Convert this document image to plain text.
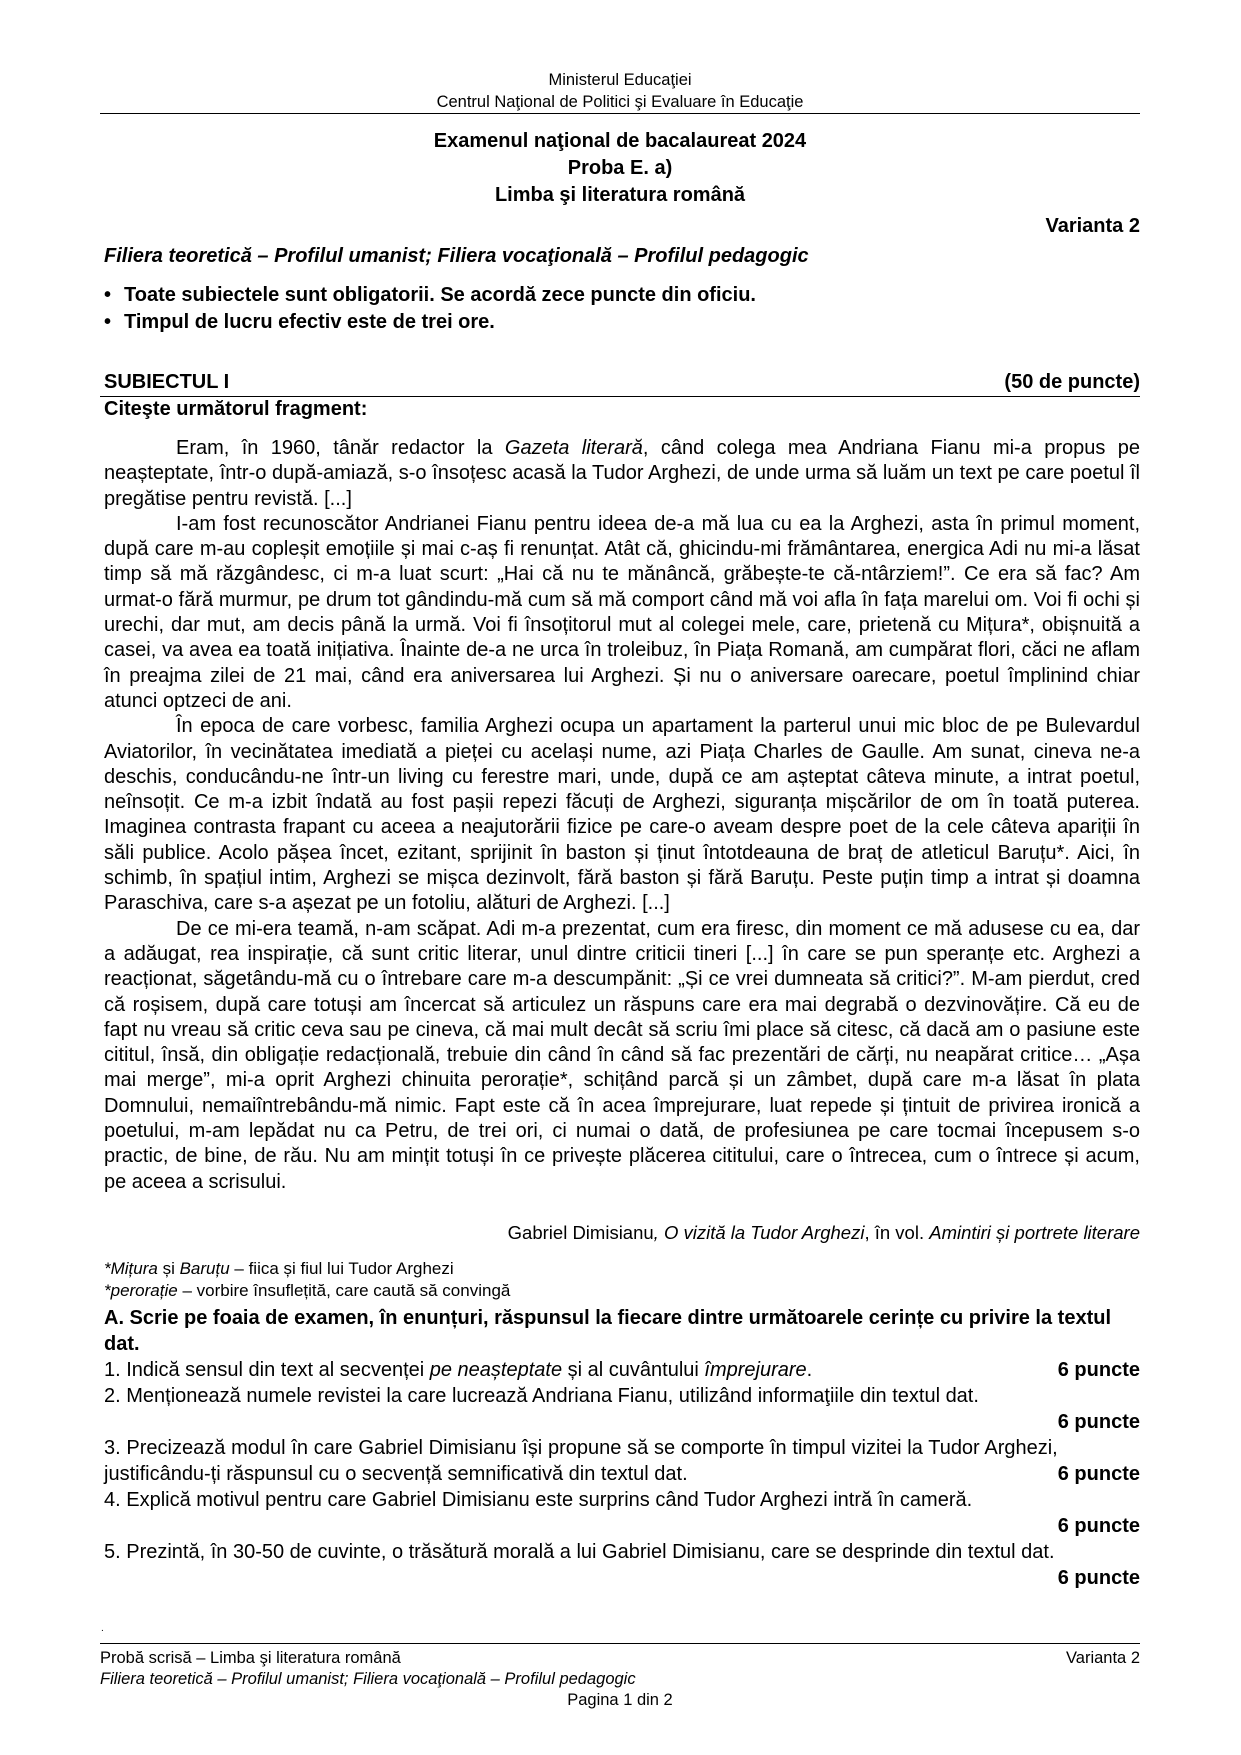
Ministerul Educaţiei
Centrul Naţional de Politici şi Evaluare în Educaţie
Examenul naţional de bacalaureat 2024
Proba E. a)
Limba şi literatura română
Varianta 2
Filiera teoretică – Profilul umanist; Filiera vocaţională – Profilul pedagogic
• Toate subiectele sunt obligatorii. Se acordă zece puncte din oficiu.
• Timpul de lucru efectiv este de trei ore.
SUBIECTUL I	(50 de puncte)
Citeşte următorul fragment:

Eram, în 1960, tânăr redactor la Gazeta literară, când colega mea Andriana Fianu mi-a propus pe neașteptate, într-o după-amiază, s-o însoțesc acasă la Tudor Arghezi, de unde urma să luăm un text pe care poetul îl pregătise pentru revistă. [...]

I-am fost recunoscător Andrianei Fianu pentru ideea de-a mă lua cu ea la Arghezi, asta în primul moment, după care m-au copleșit emoțiile și mai c-aș fi renunțat. Atât că, ghicindu-mi frământarea, energica Adi nu mi-a lăsat timp să mă răzgândesc, ci m-a luat scurt: „Hai că nu te mănâncă, grăbește-te că-ntârziem!”. Ce era să fac? Am urmat-o fără murmur, pe drum tot gândindu-mă cum să mă comport când mă voi afla în fața marelui om. Voi fi ochi și urechi, dar mut, am decis până la urmă. Voi fi însoțitorul mut al colegei mele, care, prietenă cu Mițura*, obișnuită a casei, va avea ea toată inițiativa. Înainte de-a ne urca în troleibuz, în Piața Romană, am cumpărat flori, căci ne aflam în preajma zilei de 21 mai, când era aniversarea lui Arghezi. Și nu o aniversare oarecare, poetul împlinind chiar atunci optzeci de ani.

În epoca de care vorbesc, familia Arghezi ocupa un apartament la parterul unui mic bloc de pe Bulevardul Aviatorilor, în vecinătatea imediată a pieței cu același nume, azi Piața Charles de Gaulle. Am sunat, cineva ne-a deschis, conducându-ne într-un living cu ferestre mari, unde, după ce am așteptat câteva minute, a intrat poetul, neînsoțit. Ce m-a izbit îndată au fost pașii repezi făcuți de Arghezi, siguranța mișcărilor de om în toată puterea. Imaginea contrasta frapant cu aceea a neajutorării fizice pe care-o aveam despre poet de la cele câteva apariții în săli publice. Acolo pășea încet, ezitant, sprijinit în baston și ținut întotdeauna de braț de atleticul Baruțu*. Aici, în schimb, în spațiul intim, Arghezi se mișca dezinvolt, fără baston și fără Baruțu. Peste puțin timp a intrat și doamna Paraschiva, care s-a așezat pe un fotoliu, alături de Arghezi. [...]

De ce mi-era teamă, n-am scăpat. Adi m-a prezentat, cum era firesc, din moment ce mă adusese cu ea, dar a adăugat, rea inspirație, că sunt critic literar, unul dintre criticii tineri [...] în care se pun speranțe etc. Arghezi a reacționat, săgetându-mă cu o întrebare care m-a descumpănit: „Și ce vrei dumneata să critici?”. M-am pierdut, cred că roșisem, după care totuși am încercat să articulez un răspuns care era mai degrabă o dezvinovățire. Că eu de fapt nu vreau să critic ceva sau pe cineva, că mai mult decât să scriu îmi place să citesc, că dacă am o pasiune este cititul, însă, din obligație redacțională, trebuie din când în când să fac prezentări de cărți, nu neapărat critice… „Așa mai merge”, mi-a oprit Arghezi chinuita perorație*, schițând parcă și un zâmbet, după care m-a lăsat în plata Domnului, nemaiîntrebându-mă nimic. Fapt este că în acea împrejurare, luat repede și țintuit de privirea ironică a poetului, m-am lepădat nu ca Petru, de trei ori, ci numai o dată, de profesiunea pe care tocmai începusem s-o practic, de bine, de rău. Nu am mințit totuși în ce privește plăcerea cititului, care o întrecea, cum o întrece și acum, pe aceea a scrisului.

Gabriel Dimisianu, O vizită la Tudor Arghezi, în vol. Amintiri și portrete literare
*Mițura și Baruțu – fiica și fiul lui Tudor Arghezi
*perorație – vorbire însuflețită, care caută să convingă
A. Scrie pe foaia de examen, în enunțuri, răspunsul la fiecare dintre următoarele cerințe cu privire la textul dat.
6 puncte
1. Indică sensul din text al secvenței pe neașteptate și al cuvântului împrejurare.
2. Menționează numele revistei la care lucrează Andriana Fianu, utilizând informaţiile din textul dat.
6 puncte
6 puncte
3. Precizează modul în care Gabriel Dimisianu își propune să se comporte în timpul vizitei la Tudor Arghezi, justificându-ți răspunsul cu o secvență semnificativă din textul dat.
4. Explică motivul pentru care Gabriel Dimisianu este surprins când Tudor Arghezi intră în cameră.
6 puncte
6 puncte
5. Prezintă, în 30-50 de cuvinte, o trăsătură morală a lui Gabriel Dimisianu, care se desprinde din textul dat.
.
Probă scrisă – Limba şi literatura română	Varianta 2
Filiera teoretică – Profilul umanist; Filiera vocaţională – Profilul pedagogic
Pagina 1 din 2
